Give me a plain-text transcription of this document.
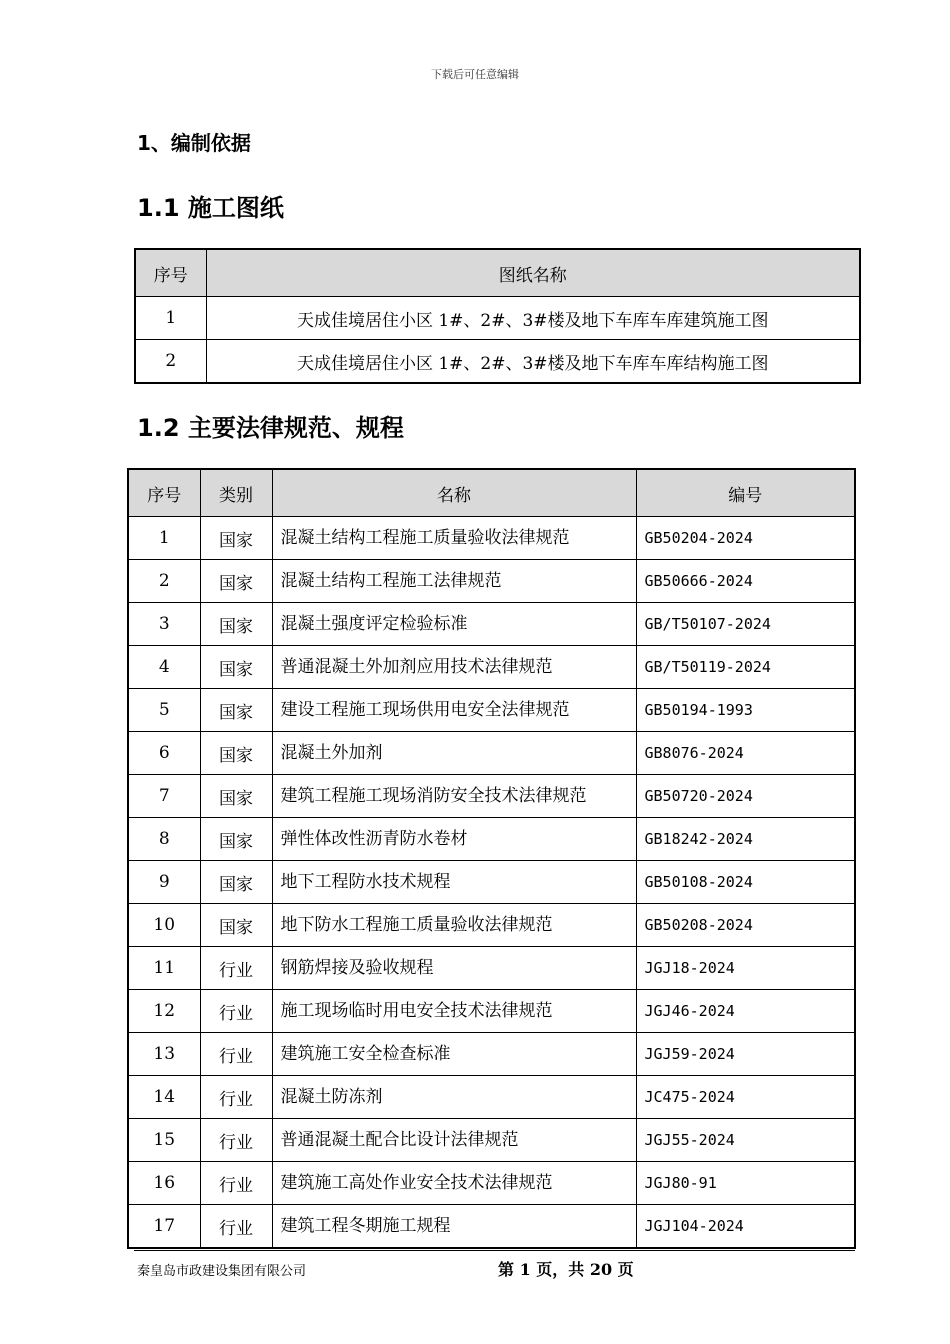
下载后可任意编辑
1、编制依据
1.1 施工图纸
序号	图纸名称
1	天成佳境居住小区 1#、2#、3#楼及地下车库车库建筑施工图
2	天成佳境居住小区 1#、2#、3#楼及地下车库车库结构施工图
1.2 主要法律规范、规程
序号	类别	名称	编号
1	国家	混凝土结构工程施工质量验收法律规范	GB50204-2024
2	国家	混凝土结构工程施工法律规范	GB50666-2024
3	国家	混凝土强度评定检验标准	GB/T50107-2024
4	国家	普通混凝土外加剂应用技术法律规范	GB/T50119-2024
5	国家	建设工程施工现场供用电安全法律规范	GB50194-1993
6	国家	混凝土外加剂	GB8076-2024
7	国家	建筑工程施工现场消防安全技术法律规范	GB50720-2024
8	国家	弹性体改性沥青防水卷材	GB18242-2024
9	国家	地下工程防水技术规程	GB50108-2024
10	国家	地下防水工程施工质量验收法律规范	GB50208-2024
11	行业	钢筋焊接及验收规程	JGJ18-2024
12	行业	施工现场临时用电安全技术法律规范	JGJ46-2024
13	行业	建筑施工安全检查标准	JGJ59-2024
14	行业	混凝土防冻剂	JC475-2024
15	行业	普通混凝土配合比设计法律规范	JGJ55-2024
16	行业	建筑施工高处作业安全技术法律规范	JGJ80-91
17	行业	建筑工程冬期施工规程	JGJ104-2024
秦皇岛市政建设集团有限公司	第 1 页，共 20 页
